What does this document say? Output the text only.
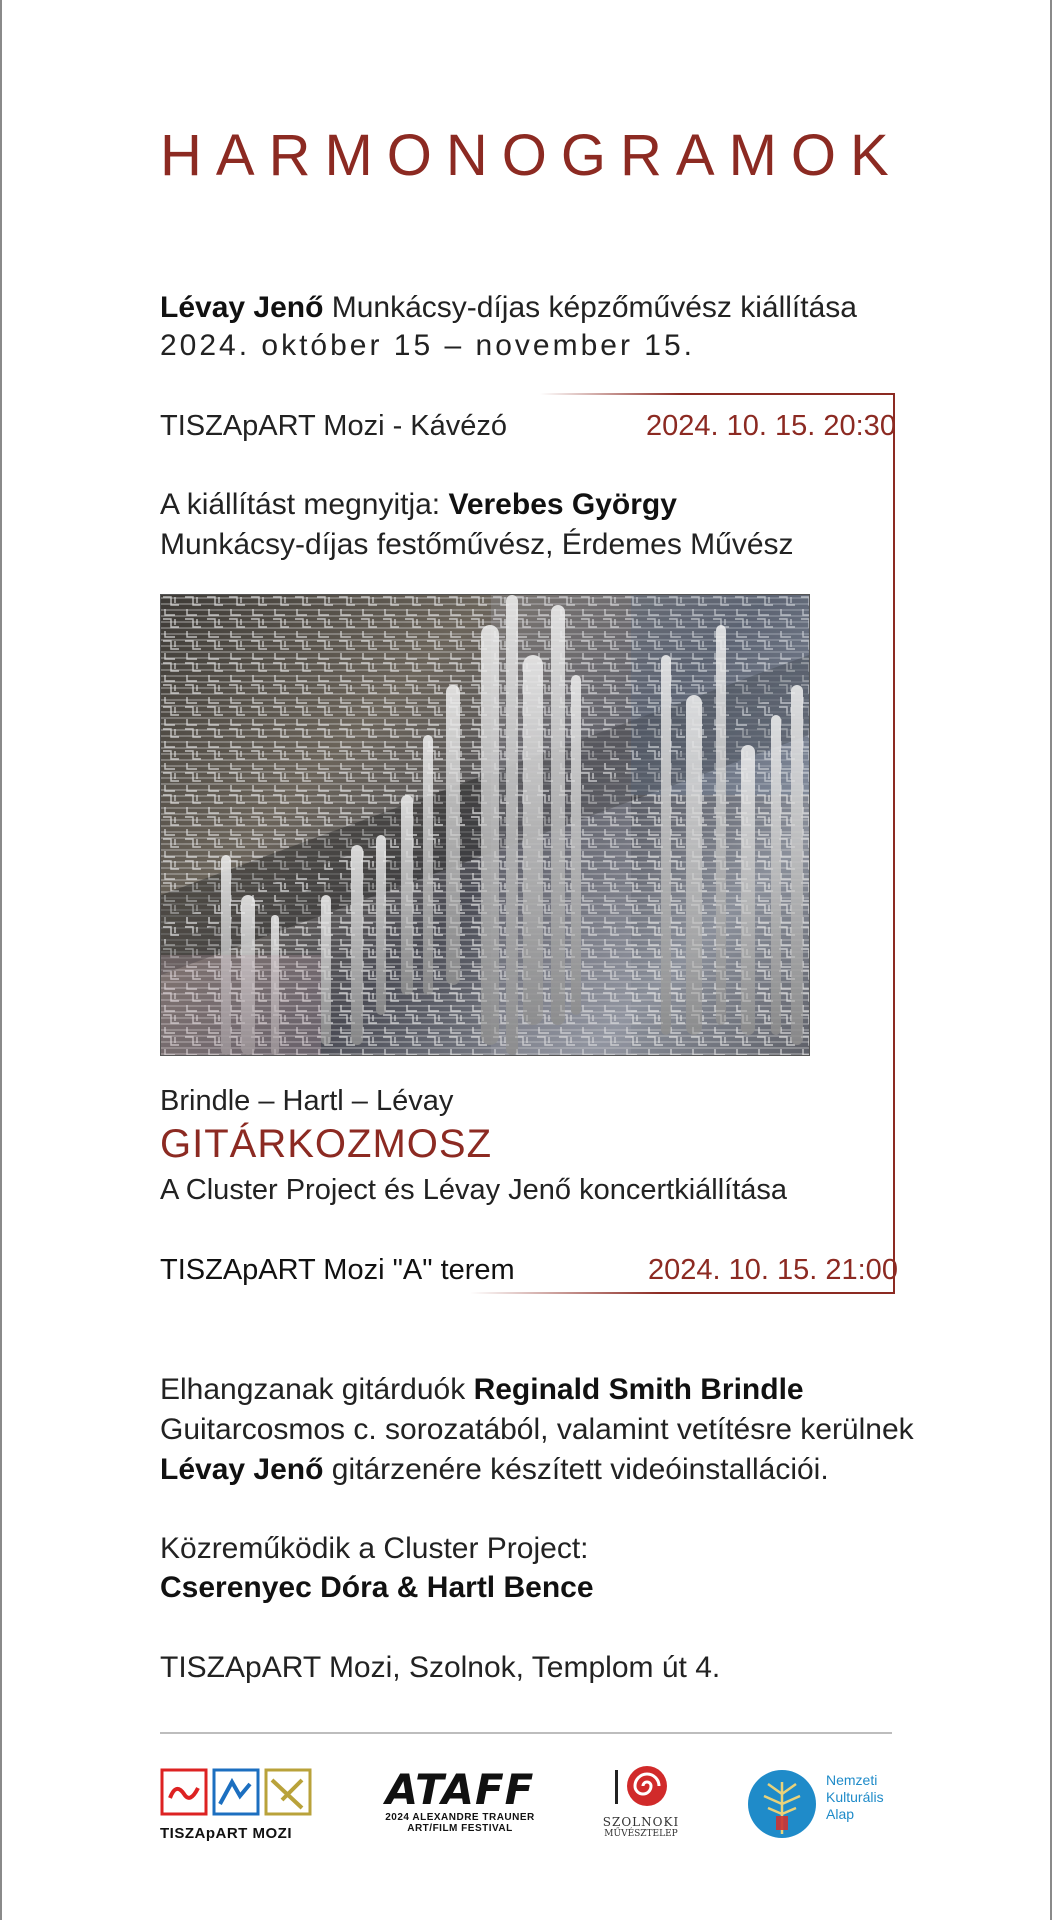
HARMONOGRAMOK
Lévay Jenő Munkácsy-díjas képzőművész kiállítása
2024. október 15 – november 15.
TISZApART Mozi - Kávézó	2024. 10. 15. 20:30
A kiállítást megnyitja: Verebes György
Munkácsy-díjas festőművész, Érdemes Művész
Brindle – Hartl – Lévay
GITÁRKOZMOSZ
A Cluster Project és Lévay Jenő koncertkiállítása
TISZApART Mozi "A" terem	2024. 10. 15. 21:00
Elhangzanak gitárduók Reginald Smith Brindle
Guitarcosmos c. sorozatából, valamint vetítésre kerülnek
Lévay Jenő gitárzenére készített videóinstallációi.
Közreműködik a Cluster Project:
Cserenyec Dóra & Hartl Bence
TISZApART Mozi, Szolnok, Templom út 4.
TISZApART MOZI
ATAFF
2024 ALEXANDRE TRAUNER
ART/FILM FESTIVAL	SZOLNOKI
MŰVÉSZTELEP
Nemzeti
Kulturális
Alap
